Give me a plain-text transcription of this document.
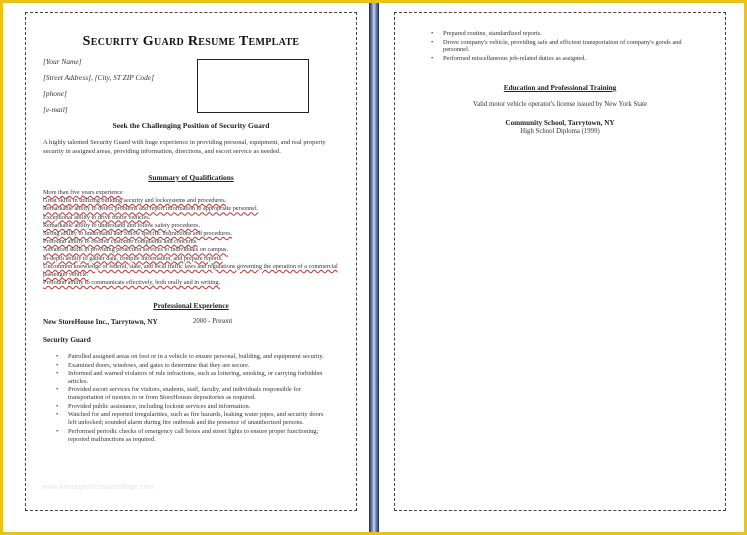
Security Guard Resume Template
[Your Name]
[Street Address], [City, ST ZIP Code]
[phone]
[e-mail]
Seek the Challenging Position of Security Guard
A highly talented Security Guard with huge experience in providing personal, equipment, and real property security in assigned areas, providing information, directions, and escort service as needed.
Summary of Qualifications
More than five years experience
Great skills in utilizing building security and locksystems and procedures.
Remarkable ability to detect problems and report information to appropriate personnel.
Exceptional ability to drive motor vehicles.
Remarkable ability to understand and follow safety procedures.
Strong ability to understand and follow specific instructions and procedures.
Profound ability to resolve customer complaints and concerns.
Advanced skills in providing protection services to individuals on campus.
In-depth ability to gather data, compile information, and prepare reports.
Uncommon knowledge of federal, state, and local traffic laws and regulations governing the operation of a commercial passenger vehicle.
Profound ability to communicate effectively, both orally and in writing.
Professional Experience
New StoreHouse Inc., Tarrytown, NY	2000 - Present
Security Guard
• Patrolled assigned areas on foot or in a vehicle to ensure personal, building, and equipment security.
• Examined doors, windows, and gates to determine that they are secure.
• Informed and warned violators of rule infractions, such as loitering, smoking, or carrying forbidden articles.
• Provided escort services for visitors, students, staff, faculty, and individuals responsible for transportation of monies to or from StoreHouses depositories as required.
• Provided public assistance, including lockout services and information.
• Watched for and reported irregularities, such as fire hazards, leaking water pipes, and security doors left unlocked; sounded alarm during fire outbreak and the presence of unauthorized persons.
• Performed periodic checks of emergency call boxes and street lights to ensure proper functioning; reported malfunctions as required.
www.heritagechristiancollege.com
• Prepared routine, standardized reports.
• Drove company's vehicle, providing safe and efficient transportation of company's goods and personnel.
• Performed miscellaneous job-related duties as assigned.
Education and Professional Training
Valid motor vehicle operator's license issued by New York State
Community School, Tarrytown, NY
High School Diploma (1999)
